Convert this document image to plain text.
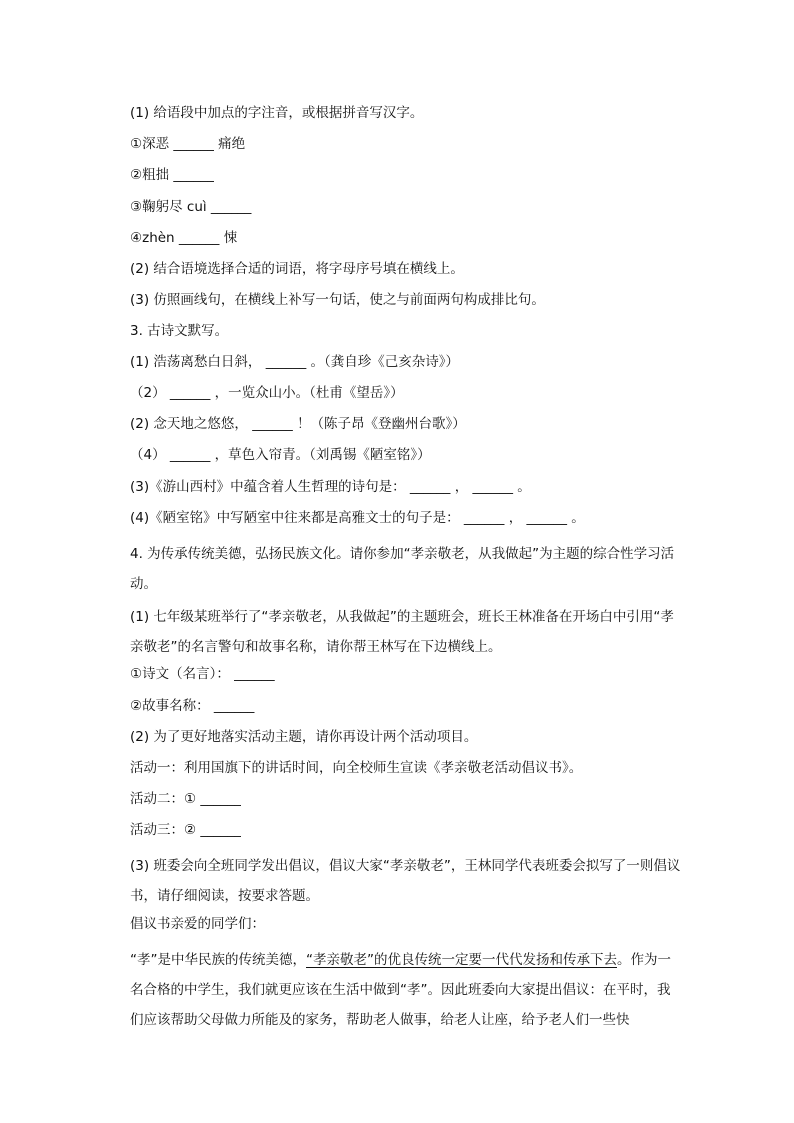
(1) 给语段中加点的字注音，或根据拼音写汉字。
①深恶 ______ 痛绝
②粗拙 ______
③鞠躬尽 cuì ______
④zhèn ______ 悚
(2) 结合语境选择合适的词语，将字母序号填在横线上。
(3) 仿照画线句，在横线上补写一句话，使之与前面两句构成排比句。
3. 古诗文默写。
(1) 浩荡离愁白日斜， ______ 。（龚自珍《己亥杂诗》）
（2） ______ ，一览众山小。（杜甫《望岳》）
(2) 念天地之悠悠， ______ ！（陈子昂《登幽州台歌》）
（4） ______ ，草色入帘青。（刘禹锡《陋室铭》）
(3)《游山西村》中蕴含着人生哲理的诗句是： ______ ， ______ 。
(4)《陋室铭》中写陋室中往来都是高雅文士的句子是： ______ ， ______ 。
4. 为传承传统美德，弘扬民族文化。请你参加“孝亲敬老，从我做起”为主题的综合性学习活动。
(1) 七年级某班举行了“孝亲敬老，从我做起”的主题班会，班长王林准备在开场白中引用“孝亲敬老”的名言警句和故事名称，请你帮王林写在下边横线上。
①诗文（名言）： ______
②故事名称： ______
(2) 为了更好地落实活动主题，请你再设计两个活动项目。
活动一：利用国旗下的讲话时间，向全校师生宣读《孝亲敬老活动倡议书》。
活动二：① ______
活动三：② ______
(3) 班委会向全班同学发出倡议，倡议大家“孝亲敬老”，王林同学代表班委会拟写了一则倡议书，请仔细阅读，按要求答题。
倡议书亲爱的同学们：
“孝”是中华民族的传统美德，“孝亲敬老”的优良传统一定要一代代发扬和传承下去。作为一名合格的中学生，我们就更应该在生活中做到“孝”。因此班委向大家提出倡议：在平时，我们应该帮助父母做力所能及的家务，帮助老人做事，给老人让座，给予老人们一些快
